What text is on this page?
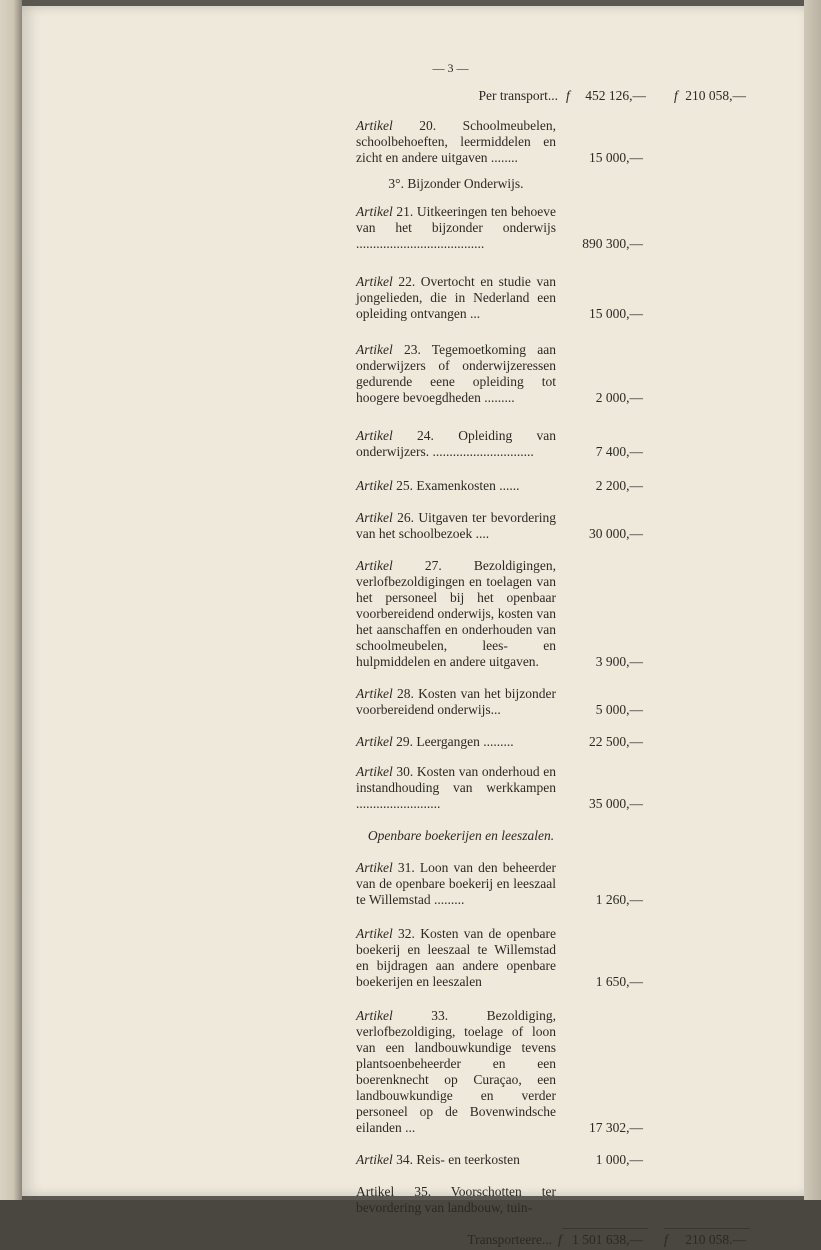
— 3 —
Per transport... f 452 126,— f 210 058,—
Artikel 20. Schoolmeubelen, schoolbehoeften, leermiddelen en zicht en andere uitgaven ........	15 000,—
3°. Bijzonder Onderwijs.
Artikel 21. Uitkeeringen ten behoeve van het bijzonder onderwijs ......................................	890 300,—
Artikel 22. Overtocht en studie van jongelieden, die in Nederland een opleiding ontvangen ...	15 000,—
Artikel 23. Tegemoetkoming aan onderwijzers of onderwijzeressen gedurende eene opleiding tot hoogere bevoegdheden .........	2 000,—
Artikel 24. Opleiding van onderwijzers. ..............................	7 400,—
Artikel 25. Examenkosten ......	2 200,—
Artikel 26. Uitgaven ter bevordering van het schoolbezoek ....	30 000,—
Artikel 27. Bezoldigingen, verlofbezoldigingen en toelagen van het personeel bij het openbaar voorbereidend onderwijs, kosten van het aanschaffen en onderhouden van schoolmeubelen, lees- en hulpmiddelen en andere uitgaven.	3 900,—
Artikel 28. Kosten van het bijzonder voorbereidend onderwijs...	5 000,—
Artikel 29. Leergangen .........	22 500,—
Artikel 30. Kosten van onderhoud en instandhouding van werkkampen .........................	35 000,—
Openbare boekerijen en leeszalen.
Artikel 31. Loon van den beheerder van de openbare boekerij en leeszaal te Willemstad .........	1 260,—
Artikel 32. Kosten van de openbare boekerij en leeszaal te Willemstad en bijdragen aan andere openbare boekerijen en leeszalen	1 650,—
Artikel 33. Bezoldiging, verlofbezoldiging, toelage of loon van een landbouwkundige tevens plantsoenbeheerder en een boerenknecht op Curaçao, een landbouwkundige en verder personeel op de Bovenwindsche eilanden ...	17 302,—
Artikel 34. Reis- en teerkosten	1 000,—
Artikel 35. Voorschotten ter bevordering van landbouw, tuin-
Transporteere... f 1 501 638,— f 210 058.—
